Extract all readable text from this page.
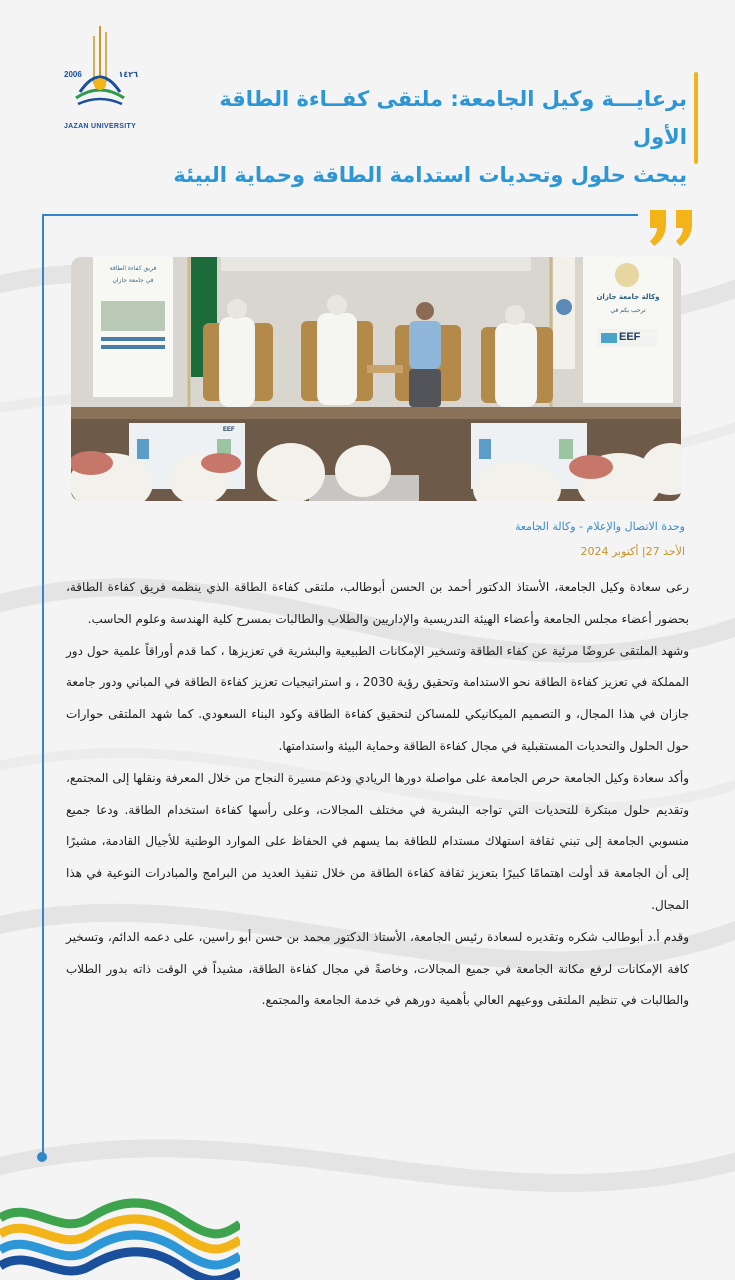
١٤٢٦
2006
JAZAN UNIVERSITY
برعايـــة وكيل الجامعة: ملتقى كفــاءة الطاقة الأول
يبحث حلول وتحديات استدامة الطاقة وحماية البيئة
فريق كفاءة الطاقة
في جامعة جازان
وكالة جامعة جازان
ترحب بكم في
EEF
EEF
وحدة الاتصال والإعلام - وكالة الجامعة
الأحد 27| أكتوبر 2024

رعى سعادة وكيل الجامعة، الأستاذ الدكتور أحمد بن الحسن أبوطالب، ملتقى كفاءة الطاقة الذي ينظمه فريق كفاءة الطاقة، بحضور أعضاء مجلس الجامعة وأعضاء الهيئة التدريسية والإداريين والطلاب والطالبات بمسرح كلية الهندسة وعلوم الحاسب.

وشهد الملتقى عروضًا مرئية عن كفاء الطاقة وتسخير الإمكانات الطبيعية والبشرية في تعزيزها ، كما قدم أوراقاً علمية حول دور المملكة في تعزيز كفاءة الطاقة نحو الاستدامة وتحقيق رؤية 2030 ، و استراتيجيات تعزيز كفاءة الطاقة في المباني ودور جامعة جازان في هذا المجال، و التصميم الميكانيكي للمساكن لتحقيق كفاءة الطاقة وكود البناء السعودي. كما شهد الملتقى حوارات حول الحلول والتحديات المستقبلية في مجال كفاءة الطاقة وحماية البيئة واستدامتها.

وأكد سعادة وكيل الجامعة حرص الجامعة على مواصلة دورها الريادي ودعم مسيرة النجاح من خلال المعرفة ونقلها إلى المجتمع، وتقديم حلول مبتكرة للتحديات التي تواجه البشرية في مختلف المجالات، وعلى رأسها كفاءة استخدام الطاقة. ودعا جميع منسوبي الجامعة إلى تبني ثقافة استهلاك مستدام للطاقة بما يسهم في الحفاظ على الموارد الوطنية للأجيال القادمة، مشيرًا إلى أن الجامعة قد أولت اهتمامًا كبيرًا بتعزيز ثقافة كفاءة الطاقة من خلال تنفيذ العديد من البرامج والمبادرات النوعية في هذا المجال.

وقدم أ.د أبوطالب شكره وتقديره لسعادة رئيس الجامعة، الأستاذ الدكتور محمد بن حسن أبو راسين، على دعمه الدائم، وتسخير كافة الإمكانات لرفع مكانة الجامعة في جميع المجالات، وخاصةً في مجال كفاءة الطاقة، مشيداً في الوقت ذاته بدور الطلاب والطالبات في تنظيم الملتقى ووعيهم العالي بأهمية دورهم في خدمة الجامعة والمجتمع.
